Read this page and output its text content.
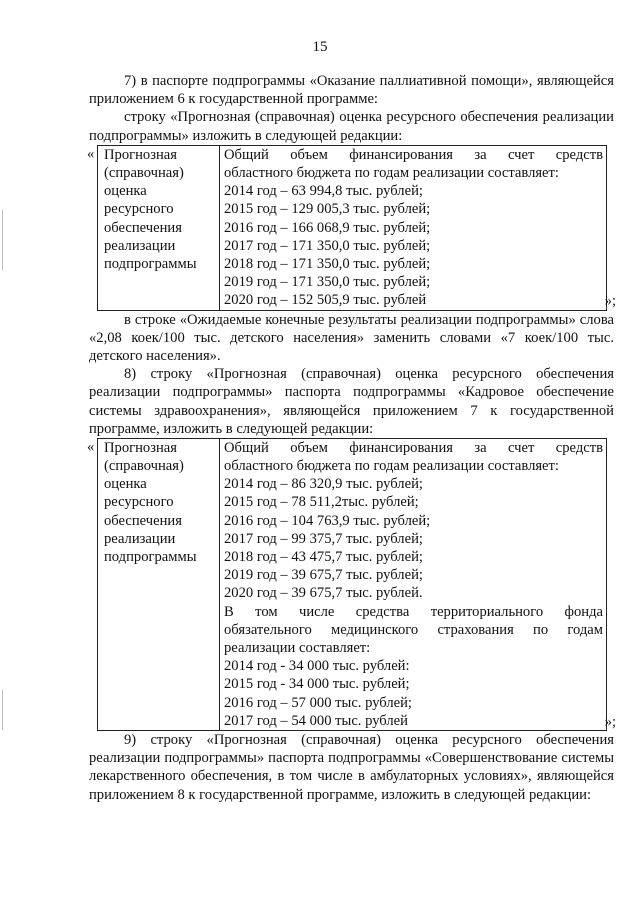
15

7) в паспорте подпрограммы «Оказание паллиативной помощи», являющейся приложением 6 к государственной программе:

строку «Прогнозная (справочная) оценка ресурсного обеспечения реализации подпрограммы» изложить в следующей редакции:

« Прогнозная
(справочная)
оценка
ресурсного
обеспечения
реализации
подпрограммы

Общий объем финансирования за счет средств
областного бюджета по годам реализации составляет:
2014 год – 63 994,8 тыс. рублей;
2015 год – 129 005,3 тыс. рублей;
2016 год – 166 068,9 тыс. рублей;
2017 год – 171 350,0 тыс. рублей;
2018 год – 171 350,0 тыс. рублей;
2019 год – 171 350,0 тыс. рублей;
2020 год – 152 505,9 тыс. рублей	»;

в строке «Ожидаемые конечные результаты реализации подпрограммы» слова «2,08 коек/100 тыс. детского населения» заменить словами «7 коек/100 тыс. детского населения».

8) строку «Прогнозная (справочная) оценка ресурсного обеспечения реализации подпрограммы» паспорта подпрограммы «Кадровое обеспечение системы здравоохранения», являющейся приложением 7 к государственной программе, изложить в следующей редакции:

« Прогнозная
(справочная)
оценка
ресурсного
обеспечения
реализации
подпрограммы

Общий объем финансирования за счет средств
областного бюджета по годам реализации составляет:
2014 год – 86 320,9 тыс. рублей;
2015 год – 78 511,2тыс. рублей;
2016 год – 104 763,9 тыс. рублей;
2017 год – 99 375,7 тыс. рублей;
2018 год – 43 475,7 тыс. рублей;
2019 год – 39 675,7 тыс. рублей;
2020 год – 39 675,7 тыс. рублей.
В том числе средства территориального фонда
обязательного медицинского страхования по годам
реализации составляет:
2014 год - 34 000 тыс. рублей:
2015 год - 34 000 тыс. рублей;
2016 год – 57 000 тыс. рублей;
2017 год – 54 000 тыс. рублей	»;

9) строку «Прогнозная (справочная) оценка ресурсного обеспечения реализации подпрограммы» паспорта подпрограммы «Совершенствование системы лекарственного обеспечения, в том числе в амбулаторных условиях», являющейся приложением 8 к государственной программе, изложить в следующей редакции:
